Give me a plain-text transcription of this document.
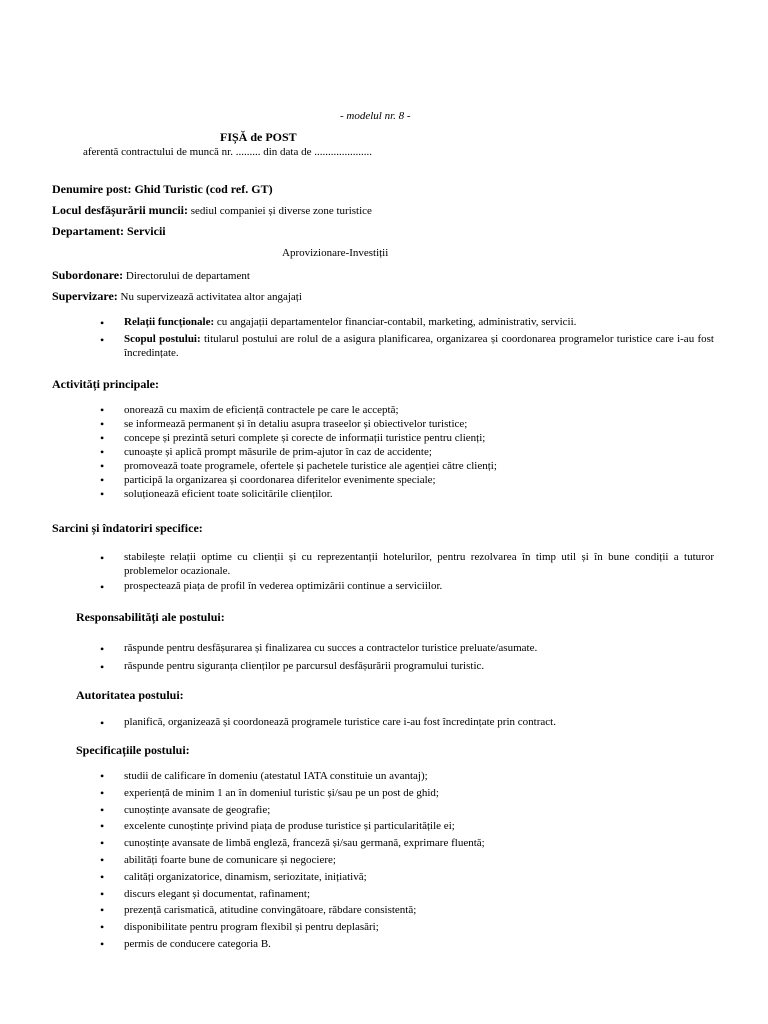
- modelul nr. 8 -
FIȘĂ de POST
aferentă contractului de muncă nr. ......... din data de .....................
Denumire post: Ghid Turistic (cod ref. GT)
Locul desfășurării muncii: sediul companiei și diverse zone turistice
Departament: Servicii
Aprovizionare-Investiții
Subordonare: Directorului de departament
Supervizare: Nu supervizează activitatea altor angajați
• Relații funcționale: cu angajații departamentelor financiar-contabil, marketing, administrativ, servicii.
• Scopul postului: titularul postului are rolul de a asigura planificarea, organizarea și coordonarea programelor turistice care i-au fost încredințate.
Activități principale:
• onorează cu maxim de eficiență contractele pe care le acceptă;
• se informează permanent și în detaliu asupra traseelor și obiectivelor turistice;
• concepe și prezintă seturi complete și corecte de informații turistice pentru clienți;
• cunoaște și aplică prompt măsurile de prim-ajutor în caz de accidente;
• promovează toate programele, ofertele și pachetele turistice ale agenției către clienți;
• participă la organizarea și coordonarea diferitelor evenimente speciale;
• soluționează eficient toate solicitările clienților.
Sarcini și îndatoriri specifice:
• stabilește relații optime cu clienții și cu reprezentanții hotelurilor, pentru rezolvarea în timp util și în bune condiții a tuturor problemelor ocazionale.
• prospectează piața de profil în vederea optimizării continue a serviciilor.
Responsabilități ale postului:
• răspunde pentru desfășurarea și finalizarea cu succes a contractelor turistice preluate/asumate.
• răspunde pentru siguranța clienților pe parcursul desfășurării programului turistic.
Autoritatea postului:
• planifică, organizează și coordonează programele turistice care i-au fost încredințate prin contract.
Specificațiile postului:
• studii de calificare în domeniu (atestatul IATA constituie un avantaj);
• experiență de minim 1 an în domeniul turistic și/sau pe un post de ghid;
• cunoștințe avansate de geografie;
• excelente cunoștințe privind piața de produse turistice și particularitățile ei;
• cunoștințe avansate de limbă engleză, franceză și/sau germană, exprimare fluentă;
• abilități foarte bune de comunicare și negociere;
• calități organizatorice, dinamism, seriozitate, inițiativă;
• discurs elegant și documentat, rafinament;
• prezență carismatică, atitudine convingătoare, răbdare consistentă;
• disponibilitate pentru program flexibil și pentru deplasări;
• permis de conducere categoria B.
